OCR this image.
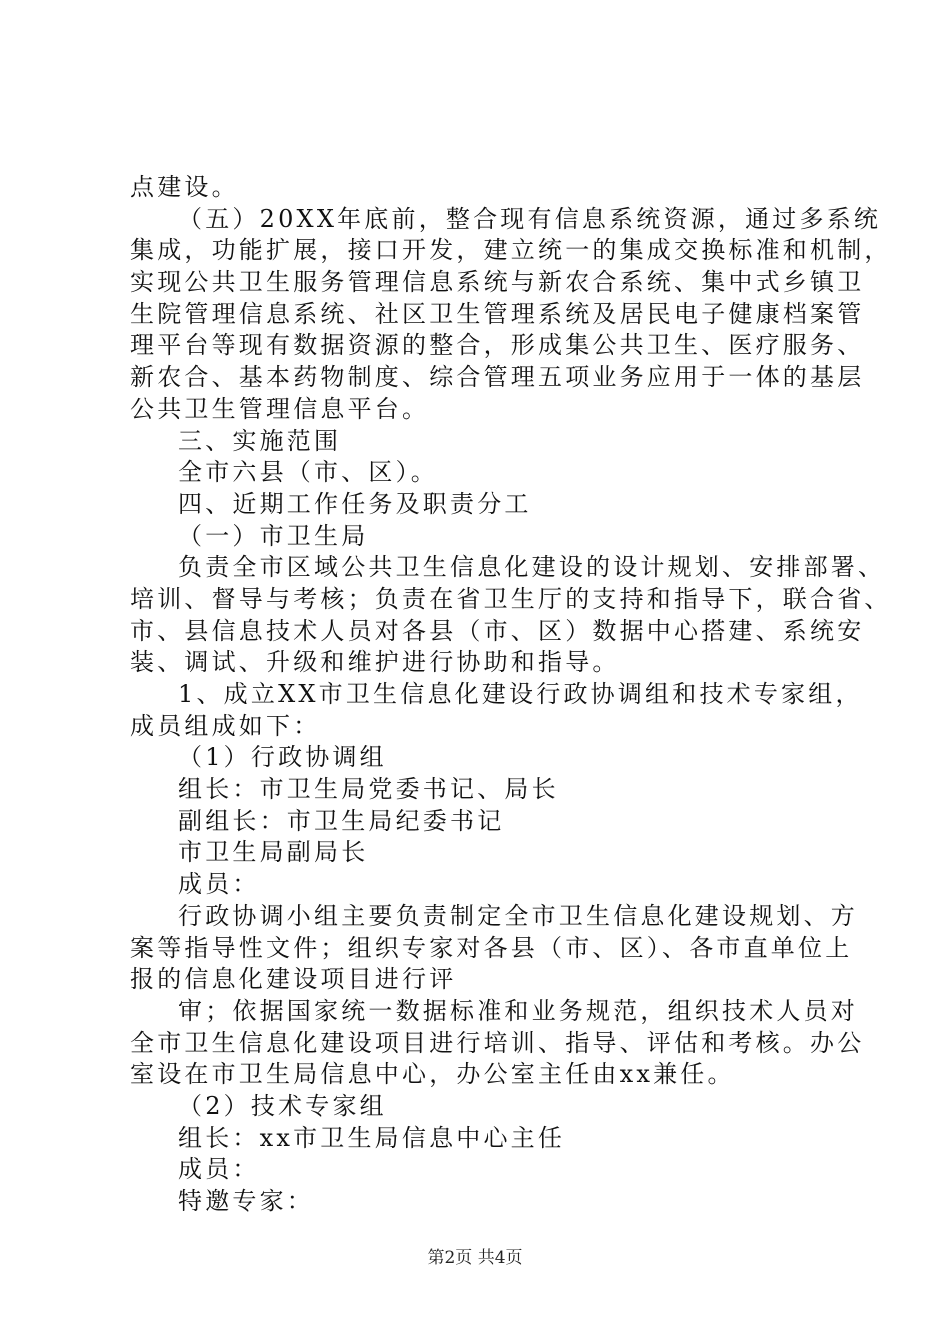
点建设。
（五）20XX年底前，整合现有信息系统资源，通过多系统
集成，功能扩展，接口开发，建立统一的集成交换标准和机制，
实现公共卫生服务管理信息系统与新农合系统、集中式乡镇卫
生院管理信息系统、社区卫生管理系统及居民电子健康档案管
理平台等现有数据资源的整合，形成集公共卫生、医疗服务、
新农合、基本药物制度、综合管理五项业务应用于一体的基层
公共卫生管理信息平台。
三、实施范围
全市六县（市、区）。
四、近期工作任务及职责分工
（一）市卫生局
负责全市区域公共卫生信息化建设的设计规划、安排部署、
培训、督导与考核；负责在省卫生厅的支持和指导下，联合省、
市、县信息技术人员对各县（市、区）数据中心搭建、系统安
装、调试、升级和维护进行协助和指导。
1、成立XX市卫生信息化建设行政协调组和技术专家组，
成员组成如下：
（1）行政协调组
组长：市卫生局党委书记、局长
副组长：市卫生局纪委书记
市卫生局副局长
成员：
行政协调小组主要负责制定全市卫生信息化建设规划、方
案等指导性文件；组织专家对各县（市、区）、各市直单位上
报的信息化建设项目进行评
审；依据国家统一数据标准和业务规范，组织技术人员对
全市卫生信息化建设项目进行培训、指导、评估和考核。办公
室设在市卫生局信息中心，办公室主任由xx兼任。
（2）技术专家组
组长：xx市卫生局信息中心主任
成员：
特邀专家：
第2页 共4页
